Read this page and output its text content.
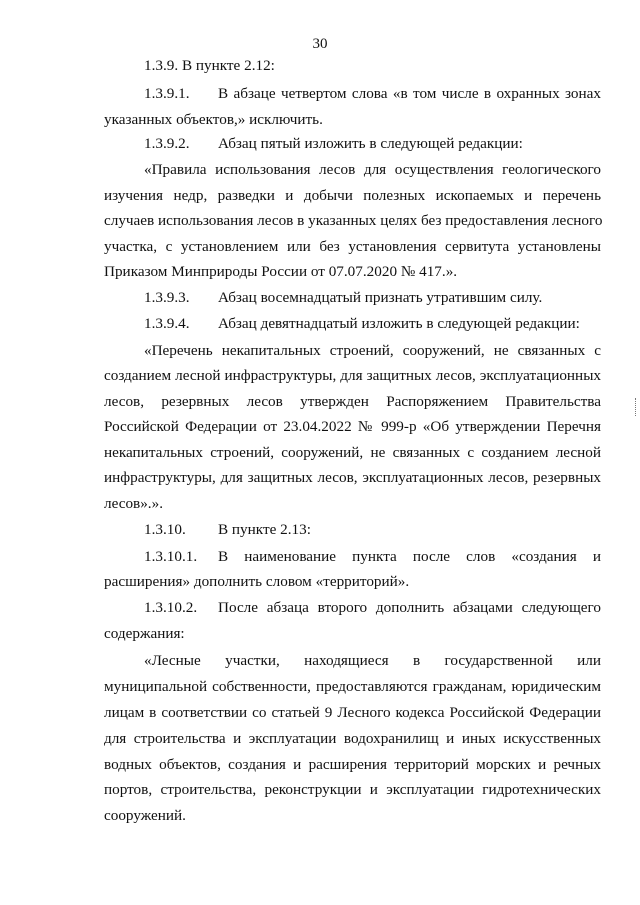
30
1.3.9. В пункте 2.12:
1.3.9.1. В абзаце четвертом слова «в том числе в охранных зонах
указанных объектов,» исключить.
1.3.9.2. Абзац пятый изложить в следующей редакции:
«Правила использования лесов для осуществления геологического
изучения недр, разведки и добычи полезных ископаемых и перечень
случаев использования лесов в указанных целях без предоставления лесного
участка, с установлением или без установления сервитута установлены
Приказом Минприроды России от 07.07.2020 № 417.».
1.3.9.3. Абзац восемнадцатый признать утратившим силу.
1.3.9.4. Абзац девятнадцатый изложить в следующей редакции:
«Перечень некапитальных строений, сооружений, не связанных с
созданием лесной инфраструктуры, для защитных лесов, эксплуатационных
лесов, резервных лесов утвержден Распоряжением Правительства
Российской Федерации от 23.04.2022 № 999-р «Об утверждении Перечня
некапитальных строений, сооружений, не связанных с созданием лесной
инфраструктуры, для защитных лесов, эксплуатационных лесов, резервных
лесов».».
1.3.10. В пункте 2.13:
1.3.10.1. В наименование пункта после слов «создания и
расширения» дополнить словом «территорий».
1.3.10.2. После абзаца второго дополнить абзацами следующего
содержания:
«Лесные участки, находящиеся в государственной или
муниципальной собственности, предоставляются гражданам, юридическим
лицам в соответствии со статьей 9 Лесного кодекса Российской Федерации
для строительства и эксплуатации водохранилищ и иных искусственных
водных объектов, создания и расширения территорий морских и речных
портов, строительства, реконструкции и эксплуатации гидротехнических
сооружений.
